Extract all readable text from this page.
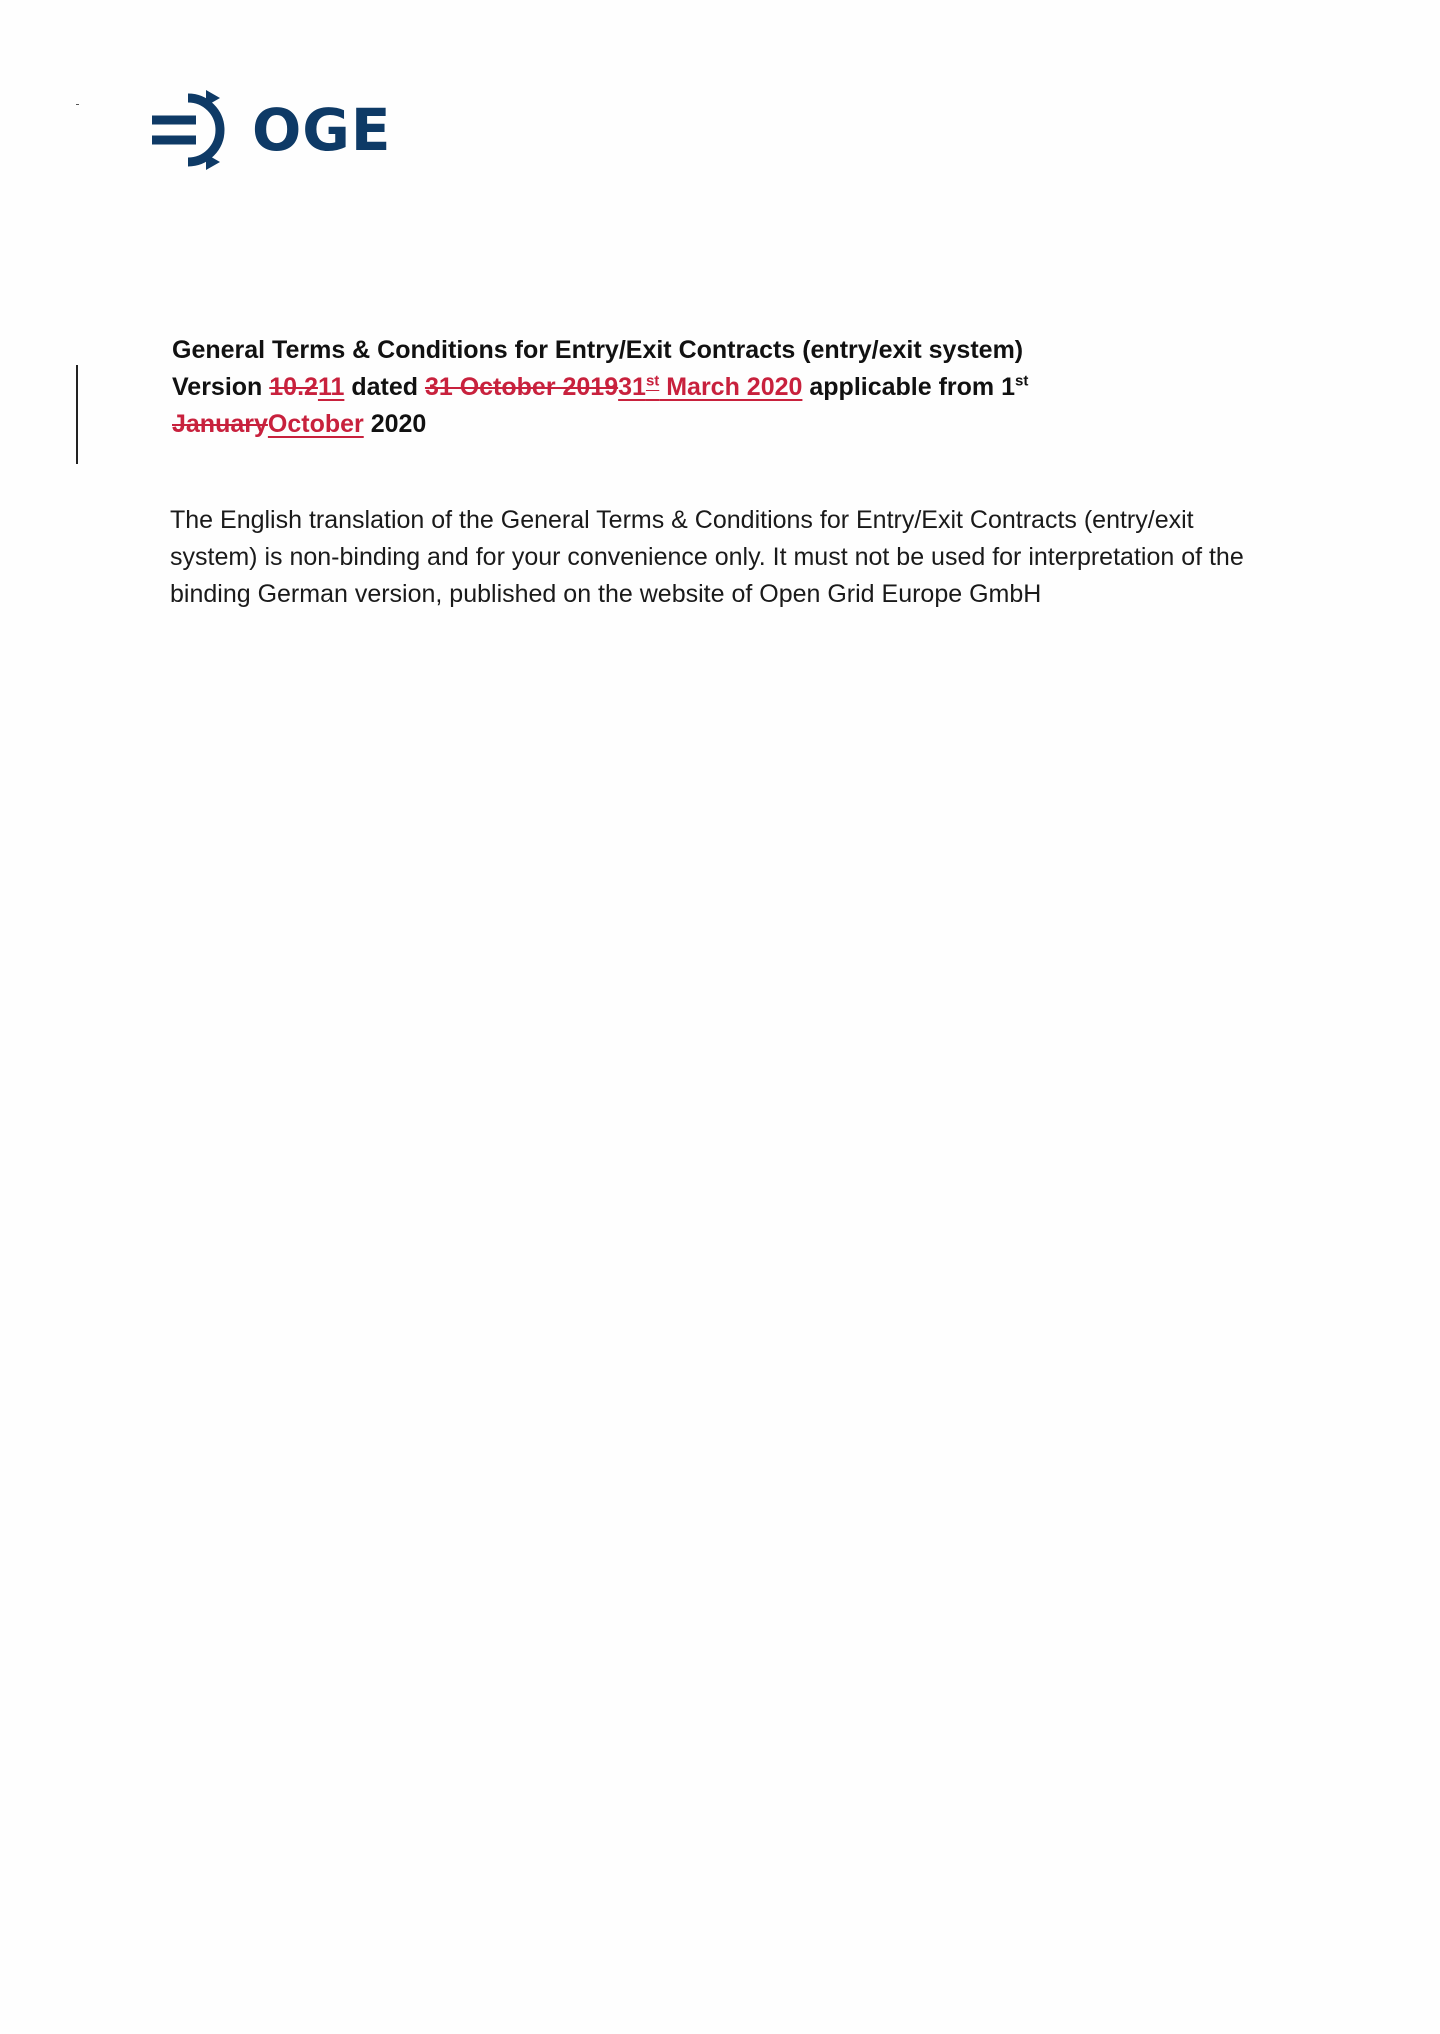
OGE
General Terms & Conditions for Entry/Exit Contracts (entry/exit system)
Version 10.211 dated 31 October 201931st March 2020 applicable from 1st
JanuaryOctober 2020
The English translation of the General Terms & Conditions for Entry/Exit Contracts (entry/exit
system) is non-binding and for your convenience only. It must not be used for interpretation of the
binding German version, published on the website of Open Grid Europe GmbH
